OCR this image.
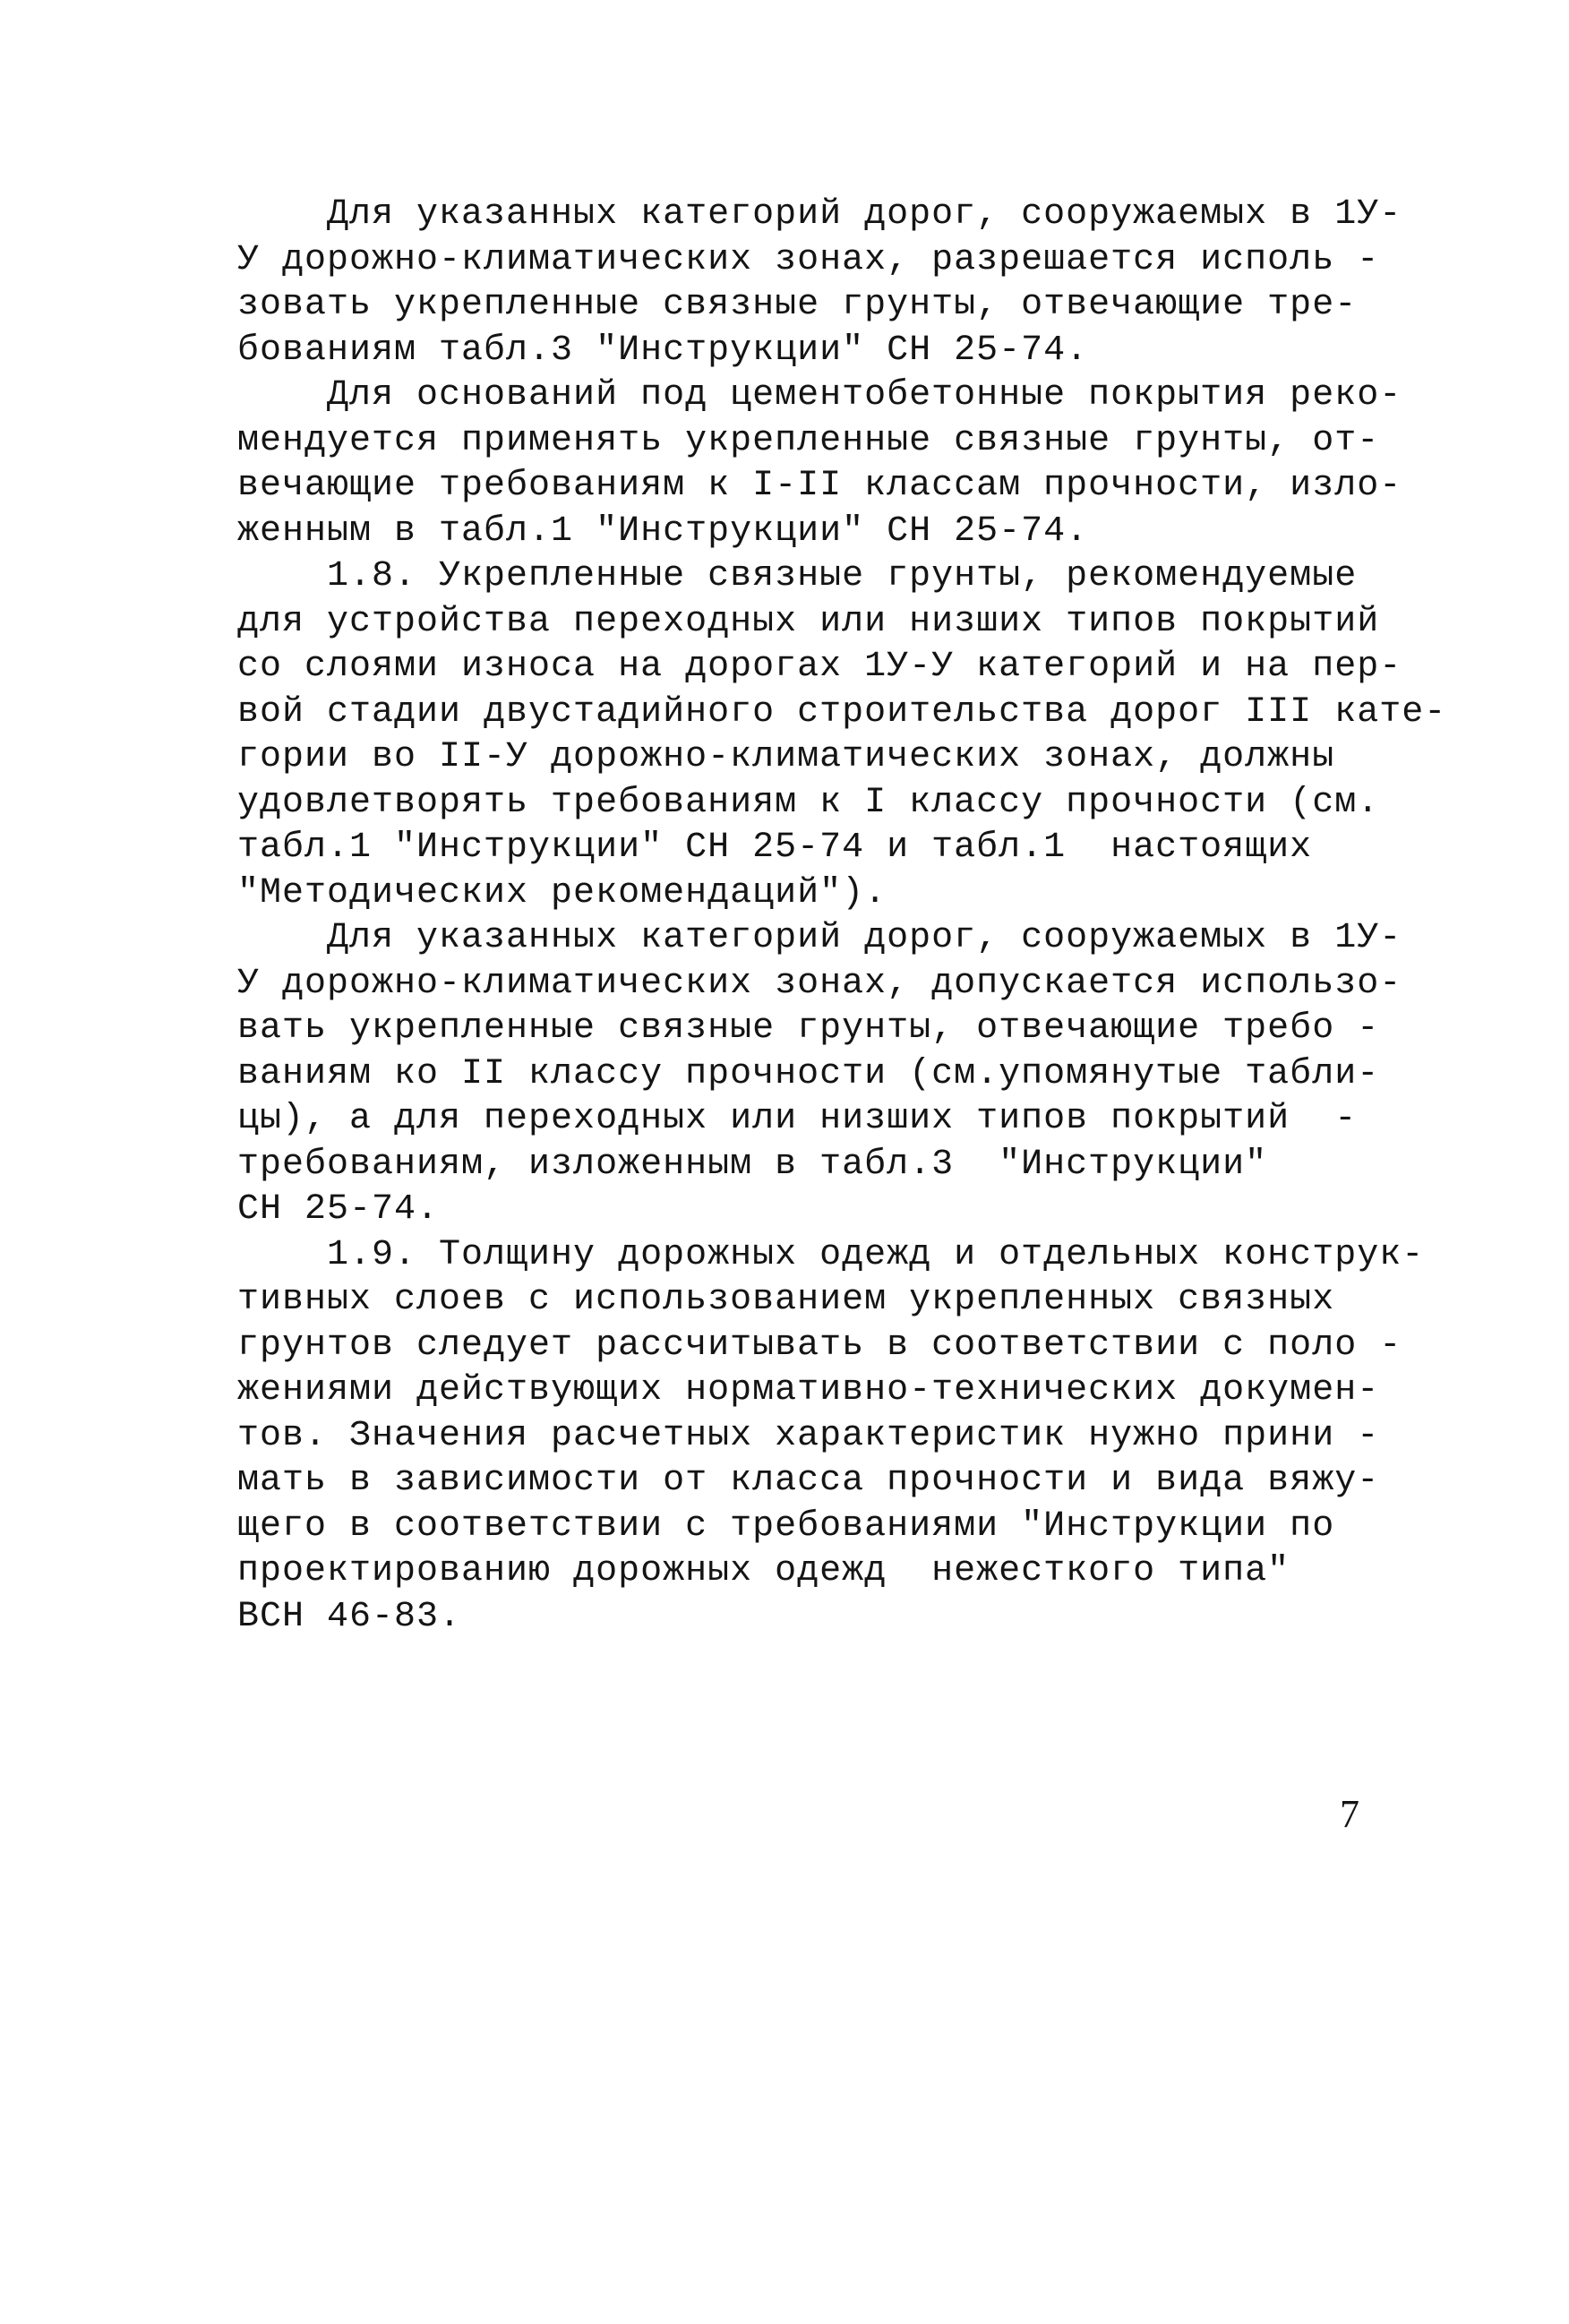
Для указанных категорий дорог, сооружаемых в 1У-
У дорожно-климатических зонах, разрешается исполь -
зовать укрепленные связные грунты, отвечающие тре-
бованиям табл.3 ″Инструкции″ СН 25-74.
Для оснований под цементобетонные покрытия реко-
мендуется применять укрепленные связные грунты, от-
вечающие требованиям к I-II классам прочности, изло-
женным в табл.1 ″Инструкции″ СН 25-74.
1.8. Укрепленные связные грунты, рекомендуемые
для устройства переходных или низших типов покрытий
со слоями износа на дорогах 1У-У категорий и на пер-
вой стадии двустадийного строительства дорог III кате-
гории во II-У дорожно-климатических зонах, должны
удовлетворять требованиям к I классу прочности (см.
табл.1 ″Инструкции″ СН 25-74 и табл.1  настоящих
″Методических рекомендаций″).
Для указанных категорий дорог, сооружаемых в 1У-
У дорожно-климатических зонах, допускается использо-
вать укрепленные связные грунты, отвечающие требо -
ваниям ко II классу прочности (см.упомянутые табли-
цы), а для переходных или низших типов покрытий  -
требованиям, изложенным в табл.3  ″Инструкции″
СН 25-74.
1.9. Толщину дорожных одежд и отдельных конструк-
тивных слоев с использованием укрепленных связных
грунтов следует рассчитывать в соответствии с поло -
жениями действующих нормативно-технических докумен-
тов. Значения расчетных характеристик нужно прини -
мать в зависимости от класса прочности и вида вяжу-
щего в соответствии с требованиями ″Инструкции по
проектированию дорожных одежд  нежесткого типа″
ВСН 46-83.
7
